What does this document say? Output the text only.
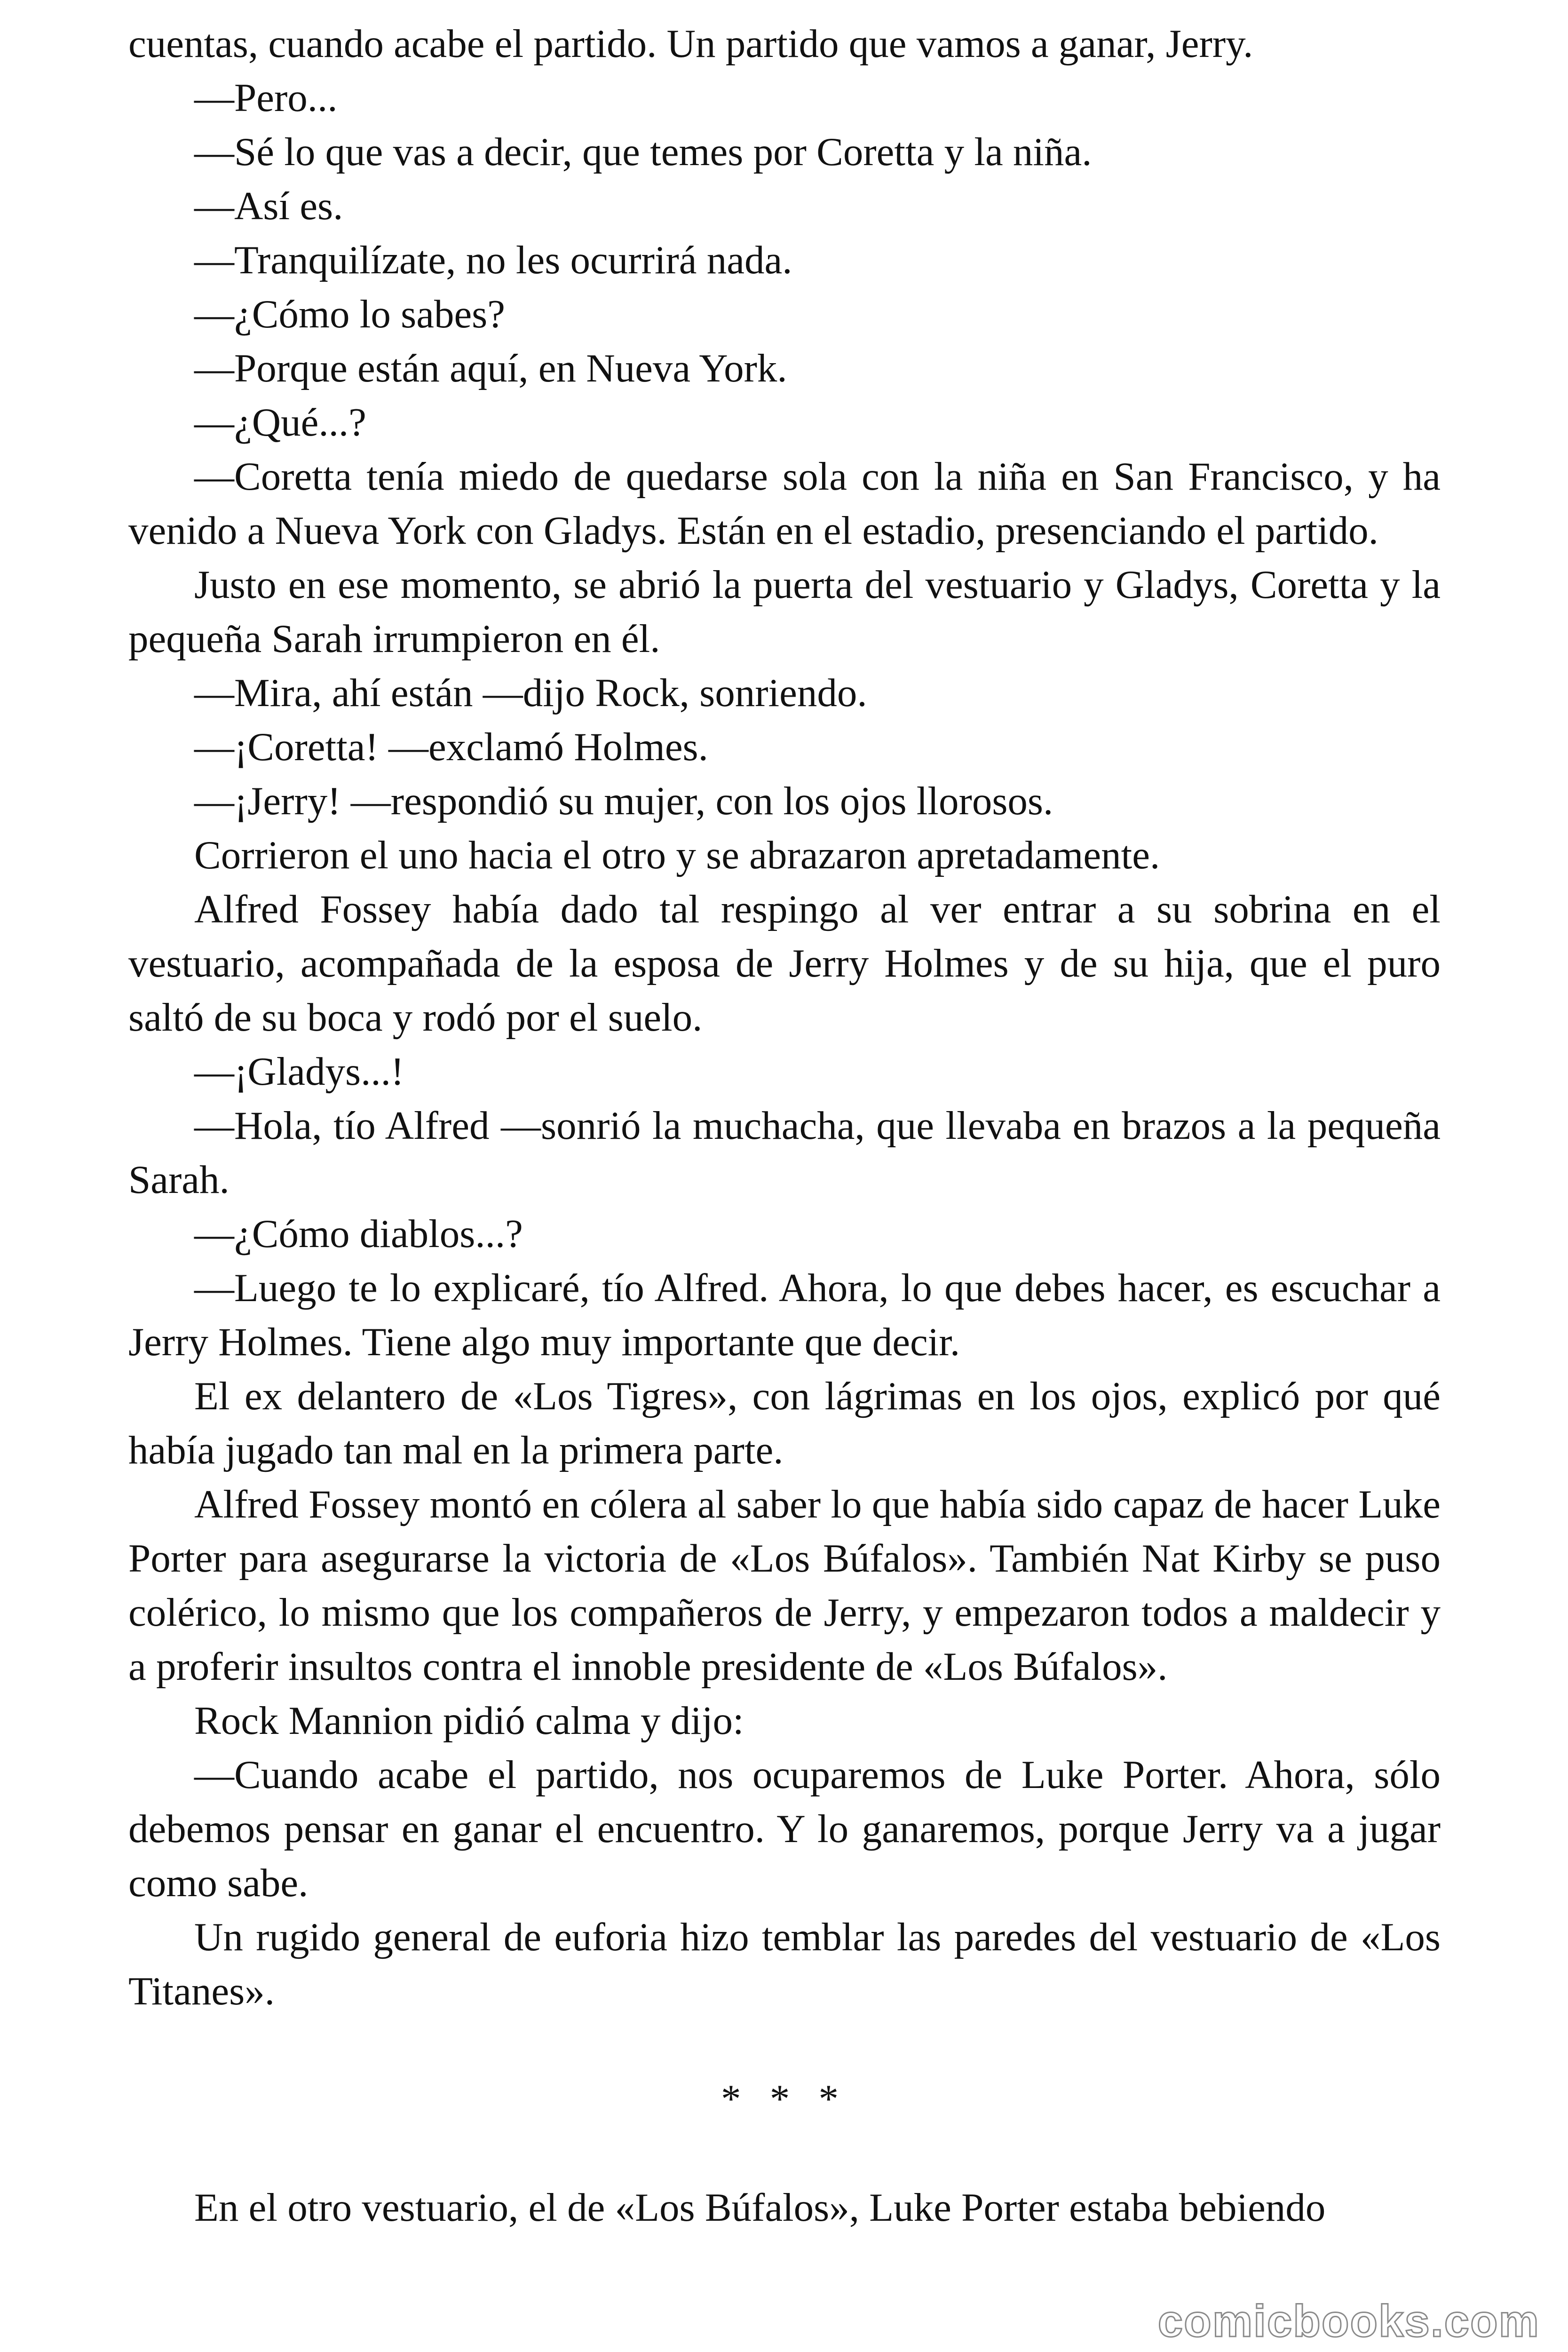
cuentas, cuando acabe el partido. Un partido que vamos a ganar, Jerry.

—Pero...

—Sé lo que vas a decir, que temes por Coretta y la niña.

—Así es.

—Tranquilízate, no les ocurrirá nada.

—¿Cómo lo sabes?

—Porque están aquí, en Nueva York.

—¿Qué...?

—Coretta tenía miedo de quedarse sola con la niña en San Francisco, y ha venido a Nueva York con Gladys. Están en el estadio, presenciando el partido.

Justo en ese momento, se abrió la puerta del vestuario y Gladys, Coretta y la pequeña Sarah irrumpieron en él.

—Mira, ahí están —dijo Rock, sonriendo.

—¡Coretta! —exclamó Holmes.

—¡Jerry! —respondió su mujer, con los ojos llorosos.

Corrieron el uno hacia el otro y se abrazaron apretadamente.

Alfred Fossey había dado tal respingo al ver entrar a su sobrina en el vestuario, acompañada de la esposa de Jerry Holmes y de su hija, que el puro saltó de su boca y rodó por el suelo.

—¡Gladys...!

—Hola, tío Alfred —sonrió la muchacha, que llevaba en brazos a la pequeña Sarah.

—¿Cómo diablos...?

—Luego te lo explicaré, tío Alfred. Ahora, lo que debes hacer, es escuchar a Jerry Holmes. Tiene algo muy importante que decir.

El ex delantero de «Los Tigres», con lágrimas en los ojos, explicó por qué había jugado tan mal en la primera parte.

Alfred Fossey montó en cólera al saber lo que había sido capaz de hacer Luke Porter para asegurarse la victoria de «Los Búfalos». También Nat Kirby se puso colérico, lo mismo que los compañeros de Jerry, y empezaron todos a maldecir y a proferir insultos contra el innoble presidente de «Los Búfalos».

Rock Mannion pidió calma y dijo:

—Cuando acabe el partido, nos ocuparemos de Luke Porter. Ahora, sólo debemos pensar en ganar el encuentro. Y lo ganaremos, porque Jerry va a jugar como sabe.

Un rugido general de euforia hizo temblar las paredes del vestuario de «Los Titanes».

* * *

En el otro vestuario, el de «Los Búfalos», Luke Porter estaba bebiendo

comicbooks.com
